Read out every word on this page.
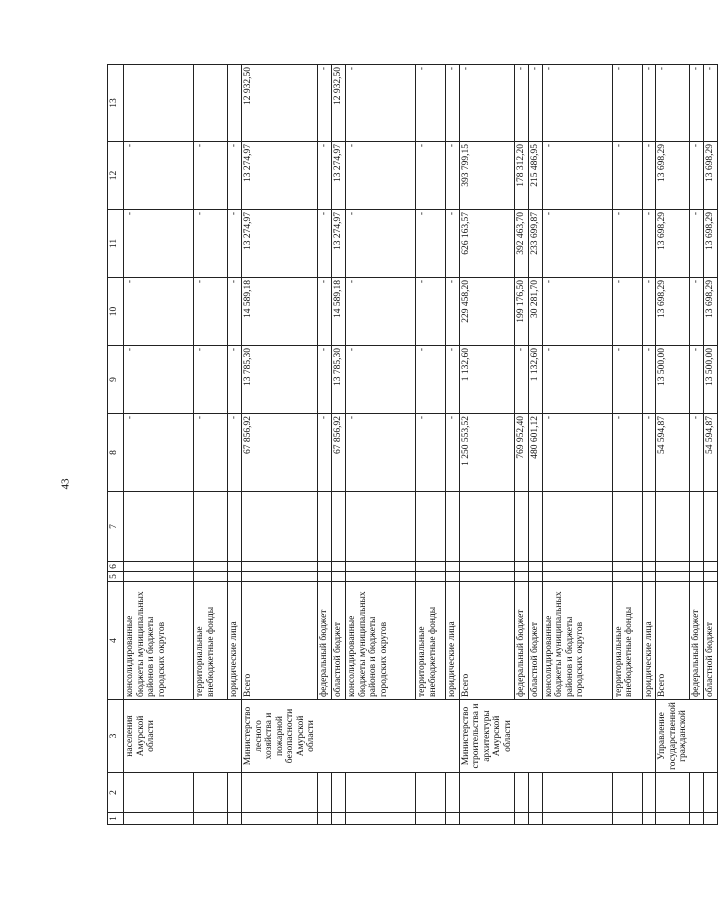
43
1	2	3	4	5	6	7	8	9	10	11	12	13
		населения Амурской области	консолидированные бюджеты муниципальных районов и бюджеты городских округов				-	-	-	-	-	
			территориальные внебюджетные фонды				-	-	-	-	-	
			юридические лица				-	-	-	-	-	
		Министерство лесного хозяйства и пожарной безопасности Амурской области	Всего				67 856,92	13 785,30	14 589,18	13 274,97	13 274,97	12 932,50
			федеральный бюджет				-	-	-	-	-	-
			областной бюджет				67 856,92	13 785,30	14 589,18	13 274,97	13 274,97	12 932,50
			консолидированные бюджеты муниципальных районов и бюджеты городских округов				-	-	-	-	-	-
			территориальные внебюджетные фонды				-	-	-	-	-	-
			юридические лица				-	-	-	-	-	-
		Министерство строительства и архитектуры Амурской области	Всего				1 250 553,52	1 132,60	229 458,20	626 163,57	393 799,15	-
			федеральный бюджет				769 952,40	-	199 176,50	392 463,70	178 312,20	-
			областной бюджет				480 601,12	1 132,60	30 281,70	233 699,87	215 486,95	-
			консолидированные бюджеты муниципальных районов и бюджеты городских округов				-	-	-	-	-	-
			территориальные внебюджетные фонды				-	-	-	-	-	-
			юридические лица				-	-	-	-	-	-
		Управление государственной гражданской	Всего				54 594,87	13 500,00	13 698,29	13 698,29	13 698,29	-
			федеральный бюджет				-	-	-	-	-	-
			областной бюджет				54 594,87	13 500,00	13 698,29	13 698,29	13 698,29	-
